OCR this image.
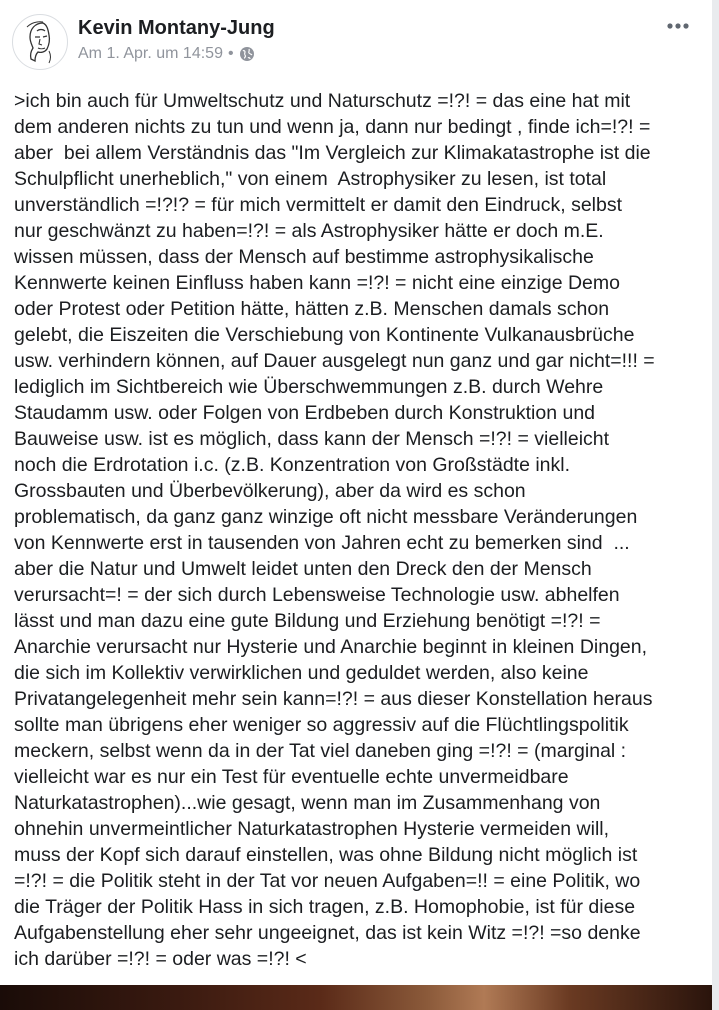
Kevin Montany-Jung
Am 1. Apr. um 14:59 •
>ich bin auch für Umweltschutz und Naturschutz =!?! = das eine hat mit
dem anderen nichts zu tun und wenn ja, dann nur bedingt , finde ich=!?! =
aber  bei allem Verständnis das "Im Vergleich zur Klimakatastrophe ist die
Schulpflicht unerheblich," von einem  Astrophysiker zu lesen, ist total
unverständlich =!?!? = für mich vermittelt er damit den Eindruck, selbst
nur geschwänzt zu haben=!?! = als Astrophysiker hätte er doch m.E.
wissen müssen, dass der Mensch auf bestimme astrophysikalische
Kennwerte keinen Einfluss haben kann =!?! = nicht eine einzige Demo
oder Protest oder Petition hätte, hätten z.B. Menschen damals schon
gelebt, die Eiszeiten die Verschiebung von Kontinente Vulkanausbrüche
usw. verhindern können, auf Dauer ausgelegt nun ganz und gar nicht=!!! =
lediglich im Sichtbereich wie Überschwemmungen z.B. durch Wehre
Staudamm usw. oder Folgen von Erdbeben durch Konstruktion und
Bauweise usw. ist es möglich, dass kann der Mensch =!?! = vielleicht
noch die Erdrotation i.c. (z.B. Konzentration von Großstädte inkl.
Grossbauten und Überbevölkerung), aber da wird es schon
problematisch, da ganz ganz winzige oft nicht messbare Veränderungen
von Kennwerte erst in tausenden von Jahren echt zu bemerken sind  ...
aber die Natur und Umwelt leidet unten den Dreck den der Mensch
verursacht=! = der sich durch Lebensweise Technologie usw. abhelfen
lässt und man dazu eine gute Bildung und Erziehung benötigt =!?! =
Anarchie verursacht nur Hysterie und Anarchie beginnt in kleinen Dingen,
die sich im Kollektiv verwirklichen und geduldet werden, also keine
Privatangelegenheit mehr sein kann=!?! = aus dieser Konstellation heraus
sollte man übrigens eher weniger so aggressiv auf die Flüchtlingspolitik
meckern, selbst wenn da in der Tat viel daneben ging =!?! = (marginal :
vielleicht war es nur ein Test für eventuelle echte unvermeidbare
Naturkatastrophen)...wie gesagt, wenn man im Zusammenhang von
ohnehin unvermeintlicher Naturkatastrophen Hysterie vermeiden will,
muss der Kopf sich darauf einstellen, was ohne Bildung nicht möglich ist
=!?! = die Politik steht in der Tat vor neuen Aufgaben=!! = eine Politik, wo
die Träger der Politik Hass in sich tragen, z.B. Homophobie, ist für diese
Aufgabenstellung eher sehr ungeeignet, das ist kein Witz =!?! =so denke
ich darüber =!?! = oder was =!?! <
